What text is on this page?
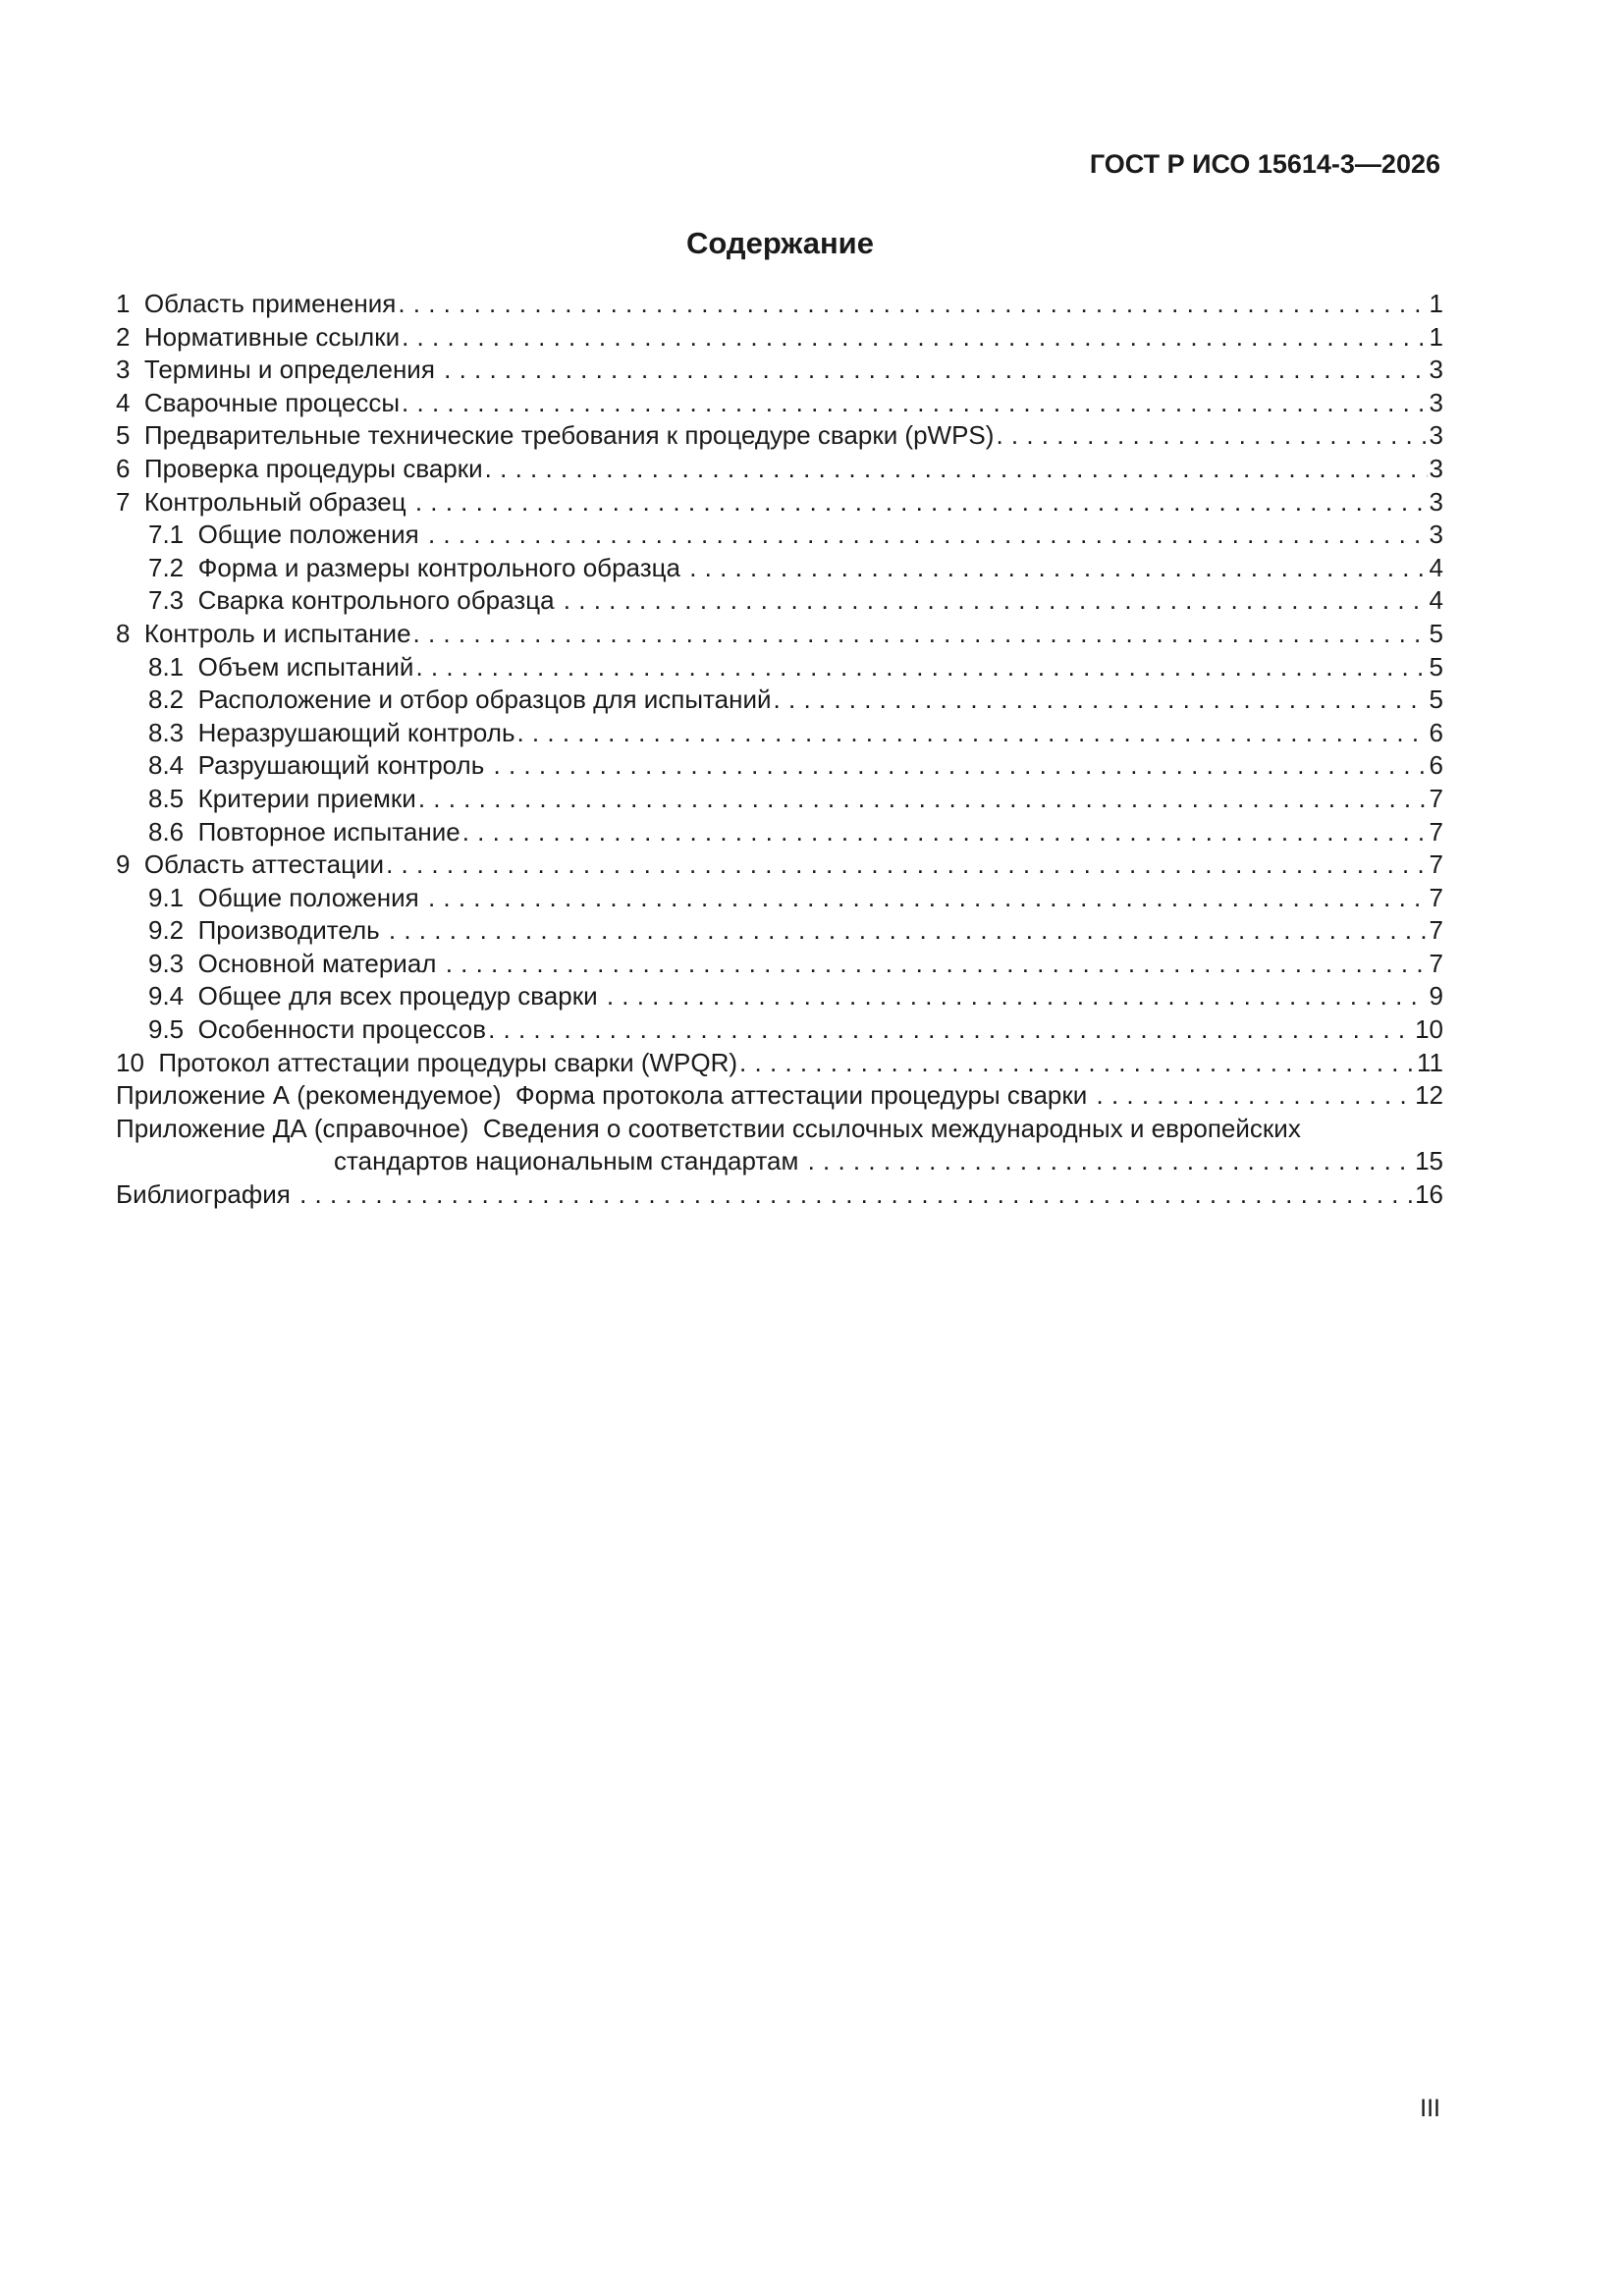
ГОСТ Р ИСО 15614-3—2026
Содержание
1  Область применения . . .	1
2  Нормативные ссылки . . .	1
3  Термины и определения . . .	3
4  Сварочные процессы . . .	3
5  Предварительные технические требования к процедуре сварки (pWPS) . . .	3
6  Проверка процедуры сварки . . .	3
7  Контрольный образец . . .	3
7.1  Общие положения . . .	3
7.2  Форма и размеры контрольного образца . . .	4
7.3  Сварка контрольного образца . . .	4
8  Контроль и испытание . . .	5
8.1  Объем испытаний . . .	5
8.2  Расположение и отбор образцов для испытаний . . .	5
8.3  Неразрушающий контроль . . .	6
8.4  Разрушающий контроль . . .	6
8.5  Критерии приемки . . .	7
8.6  Повторное испытание . . .	7
9  Область аттестации . . .	7
9.1  Общие положения . . .	7
9.2  Производитель . . .	7
9.3  Основной материал . . .	7
9.4  Общее для всех процедур сварки . . .	9
9.5  Особенности процессов . . .	10
10  Протокол аттестации процедуры сварки (WPQR) . . .	11
Приложение А (рекомендуемое)  Форма протокола аттестации процедуры сварки . . .	12
Приложение ДА (справочное)  Сведения о соответствии ссылочных международных и европейских
стандартов национальным стандартам . . .	15
Библиография . . .	16
III
